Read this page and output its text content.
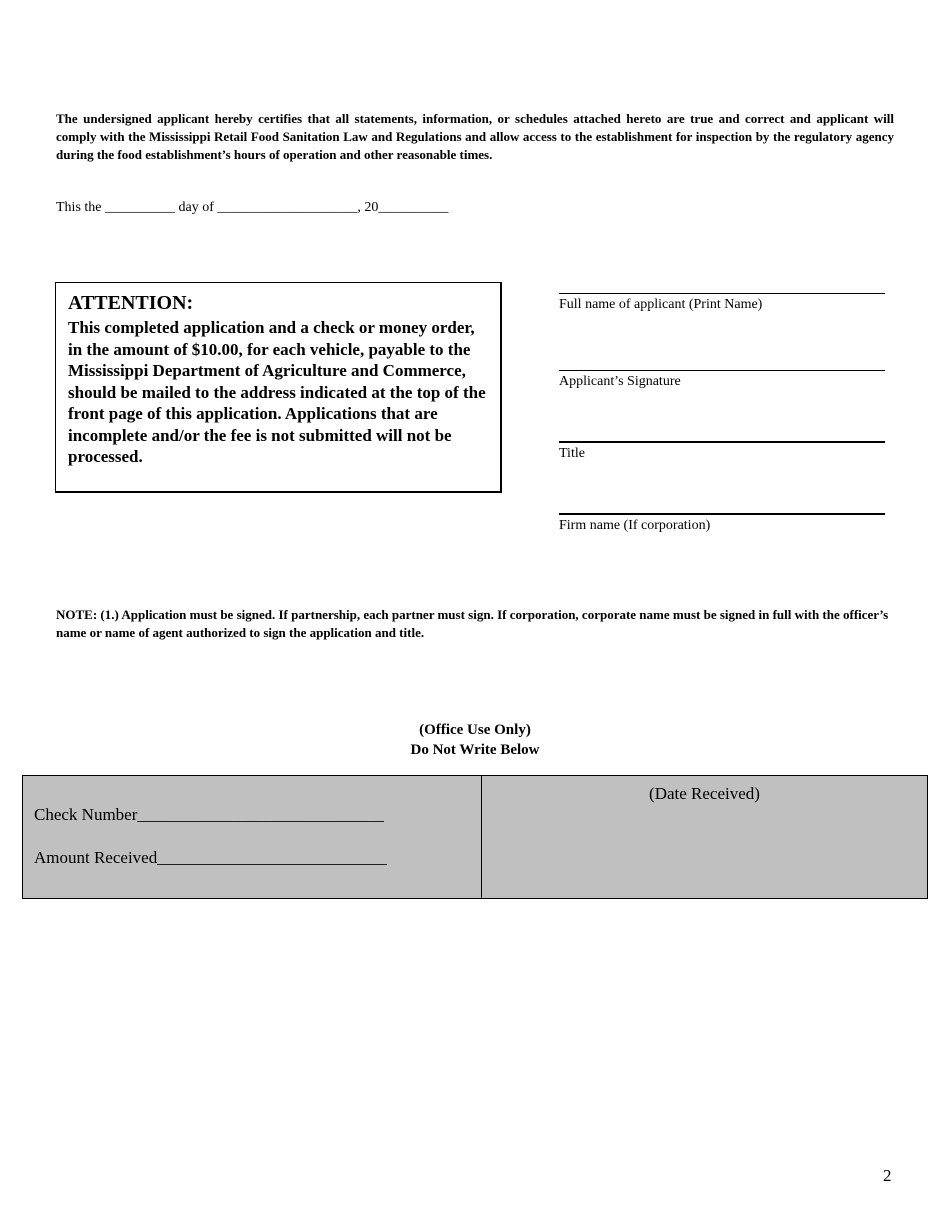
The undersigned applicant hereby certifies that all statements, information, or schedules attached hereto are true and correct and applicant will comply with the Mississippi Retail Food Sanitation Law and Regulations and allow access to the establishment for inspection by the regulatory agency during the food establishment’s hours of operation and other reasonable times.

This the __________ day of ____________________, 20__________
ATTENTION:
This completed application and a check or money order, in the amount of $10.00, for each vehicle, payable to the Mississippi Department of Agriculture and Commerce, should be mailed to the address indicated at the top of the front page of this application. Applications that are incomplete and/or the fee is not submitted will not be processed.
Full name of applicant (Print Name)
Applicant’s Signature
Title
Firm name (If corporation)

NOTE: (1.) Application must be signed. If partnership, each partner must sign. If corporation, corporate name must be signed in full with the officer’s name or name of agent authorized to sign the application and title.

(Office Use Only)
Do Not Write Below
Check Number_____________________________
Amount Received___________________________
(Date Received)
2
